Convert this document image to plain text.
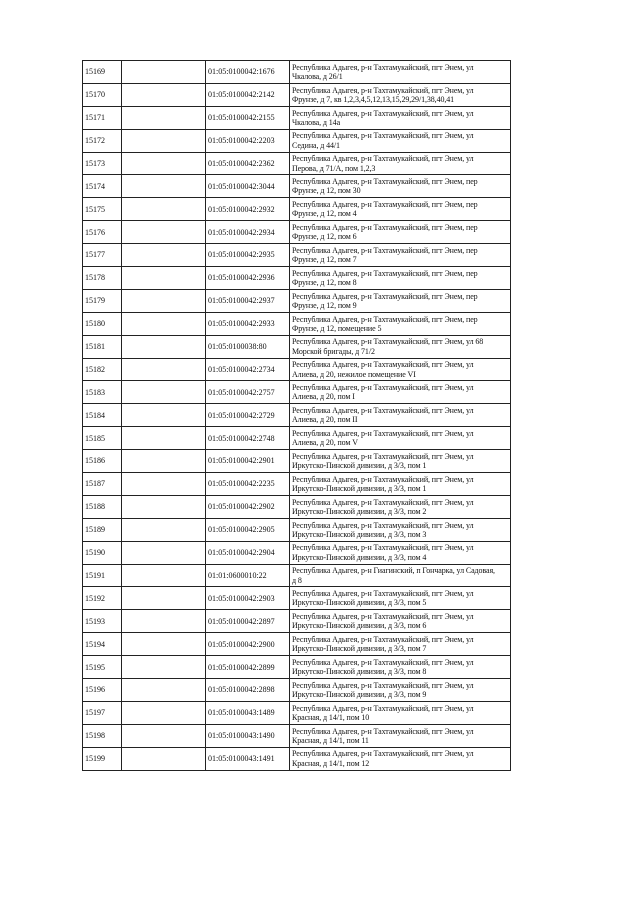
15169		01:05:0100042:1676	Республика Адыгея, р-н Тахтамукайский, пгт Энем, ул
Чкалова, д 26/1

15170		01:05:0100042:2142	Республика Адыгея, р-н Тахтамукайский, пгт Энем, ул
Фрунзе, д 7, кв 1,2,3,4,5,12,13,15,29,29/1,38,40,41

15171		01:05:0100042:2155	Республика Адыгея, р-н Тахтамукайский, пгт Энем, ул
Чкалова, д 14а

15172		01:05:0100042:2203	Республика Адыгея, р-н Тахтамукайский, пгт Энем, ул
Седина, д 44/1

15173		01:05:0100042:2362	Республика Адыгея, р-н Тахтамукайский, пгт Энем, ул
Перова, д 71/А, пом 1,2,3

15174		01:05:0100042:3044	Республика Адыгея, р-н Тахтамукайский, пгт Энем, пер
Фрунзе, д 12, пом 30

15175		01:05:0100042:2932	Республика Адыгея, р-н Тахтамукайский, пгт Энем, пер
Фрунзе, д 12, пом 4

15176		01:05:0100042:2934	Республика Адыгея, р-н Тахтамукайский, пгт Энем, пер
Фрунзе, д 12, пом 6

15177		01:05:0100042:2935	Республика Адыгея, р-н Тахтамукайский, пгт Энем, пер
Фрунзе, д 12, пом 7

15178		01:05:0100042:2936	Республика Адыгея, р-н Тахтамукайский, пгт Энем, пер
Фрунзе, д 12, пом 8

15179		01:05:0100042:2937	Республика Адыгея, р-н Тахтамукайский, пгт Энем, пер
Фрунзе, д 12, пом 9

15180		01:05:0100042:2933	Республика Адыгея, р-н Тахтамукайский, пгт Энем, пер
Фрунзе, д 12, помещение 5

15181		01:05:0100038:80	Республика Адыгея, р-н Тахтамукайский, пгт Энем, ул 68
Морской бригады, д 71/2

15182		01:05:0100042:2734	Республика Адыгея, р-н Тахтамукайский, пгт Энем, ул
Алиева, д 20, нежилое помещение VI

15183		01:05:0100042:2757	Республика Адыгея, р-н Тахтамукайский, пгт Энем, ул
Алиева, д 20, пом I

15184		01:05:0100042:2729	Республика Адыгея, р-н Тахтамукайский, пгт Энем, ул
Алиева, д 20, пом II

15185		01:05:0100042:2748	Республика Адыгея, р-н Тахтамукайский, пгт Энем, ул
Алиева, д 20, пом V

15186		01:05:0100042:2901	Республика Адыгея, р-н Тахтамукайский, пгт Энем, ул
Иркутско-Пинской дивизии, д 3/3, пом 1

15187		01:05:0100042:2235	Республика Адыгея, р-н Тахтамукайский, пгт Энем, ул
Иркутско-Пинской дивизии, д 3/3, пом 1

15188		01:05:0100042:2902	Республика Адыгея, р-н Тахтамукайский, пгт Энем, ул
Иркутско-Пинской дивизии, д 3/3, пом 2

15189		01:05:0100042:2905	Республика Адыгея, р-н Тахтамукайский, пгт Энем, ул
Иркутско-Пинской дивизии, д 3/3, пом 3

15190		01:05:0100042:2904	Республика Адыгея, р-н Тахтамукайский, пгт Энем, ул
Иркутско-Пинской дивизии, д 3/3, пом 4

15191		01:01:0600010:22	Республика Адыгея, р-н Гиагинский, п Гончарка, ул Садовая,
д 8

15192		01:05:0100042:2903	Республика Адыгея, р-н Тахтамукайский, пгт Энем, ул
Иркутско-Пинской дивизии, д 3/3, пом 5

15193		01:05:0100042:2897	Республика Адыгея, р-н Тахтамукайский, пгт Энем, ул
Иркутско-Пинской дивизии, д 3/3, пом 6

15194		01:05:0100042:2900	Республика Адыгея, р-н Тахтамукайский, пгт Энем, ул
Иркутско-Пинской дивизии, д 3/3, пом 7

15195		01:05:0100042:2899	Республика Адыгея, р-н Тахтамукайский, пгт Энем, ул
Иркутско-Пинской дивизии, д 3/3, пом 8

15196		01:05:0100042:2898	Республика Адыгея, р-н Тахтамукайский, пгт Энем, ул
Иркутско-Пинской дивизии, д 3/3, пом 9

15197		01:05:0100043:1489	Республика Адыгея, р-н Тахтамукайский, пгт Энем, ул
Красная, д 14/1, пом 10

15198		01:05:0100043:1490	Республика Адыгея, р-н Тахтамукайский, пгт Энем, ул
Красная, д 14/1, пом 11

15199		01:05:0100043:1491	Республика Адыгея, р-н Тахтамукайский, пгт Энем, ул
Красная, д 14/1, пом 12
